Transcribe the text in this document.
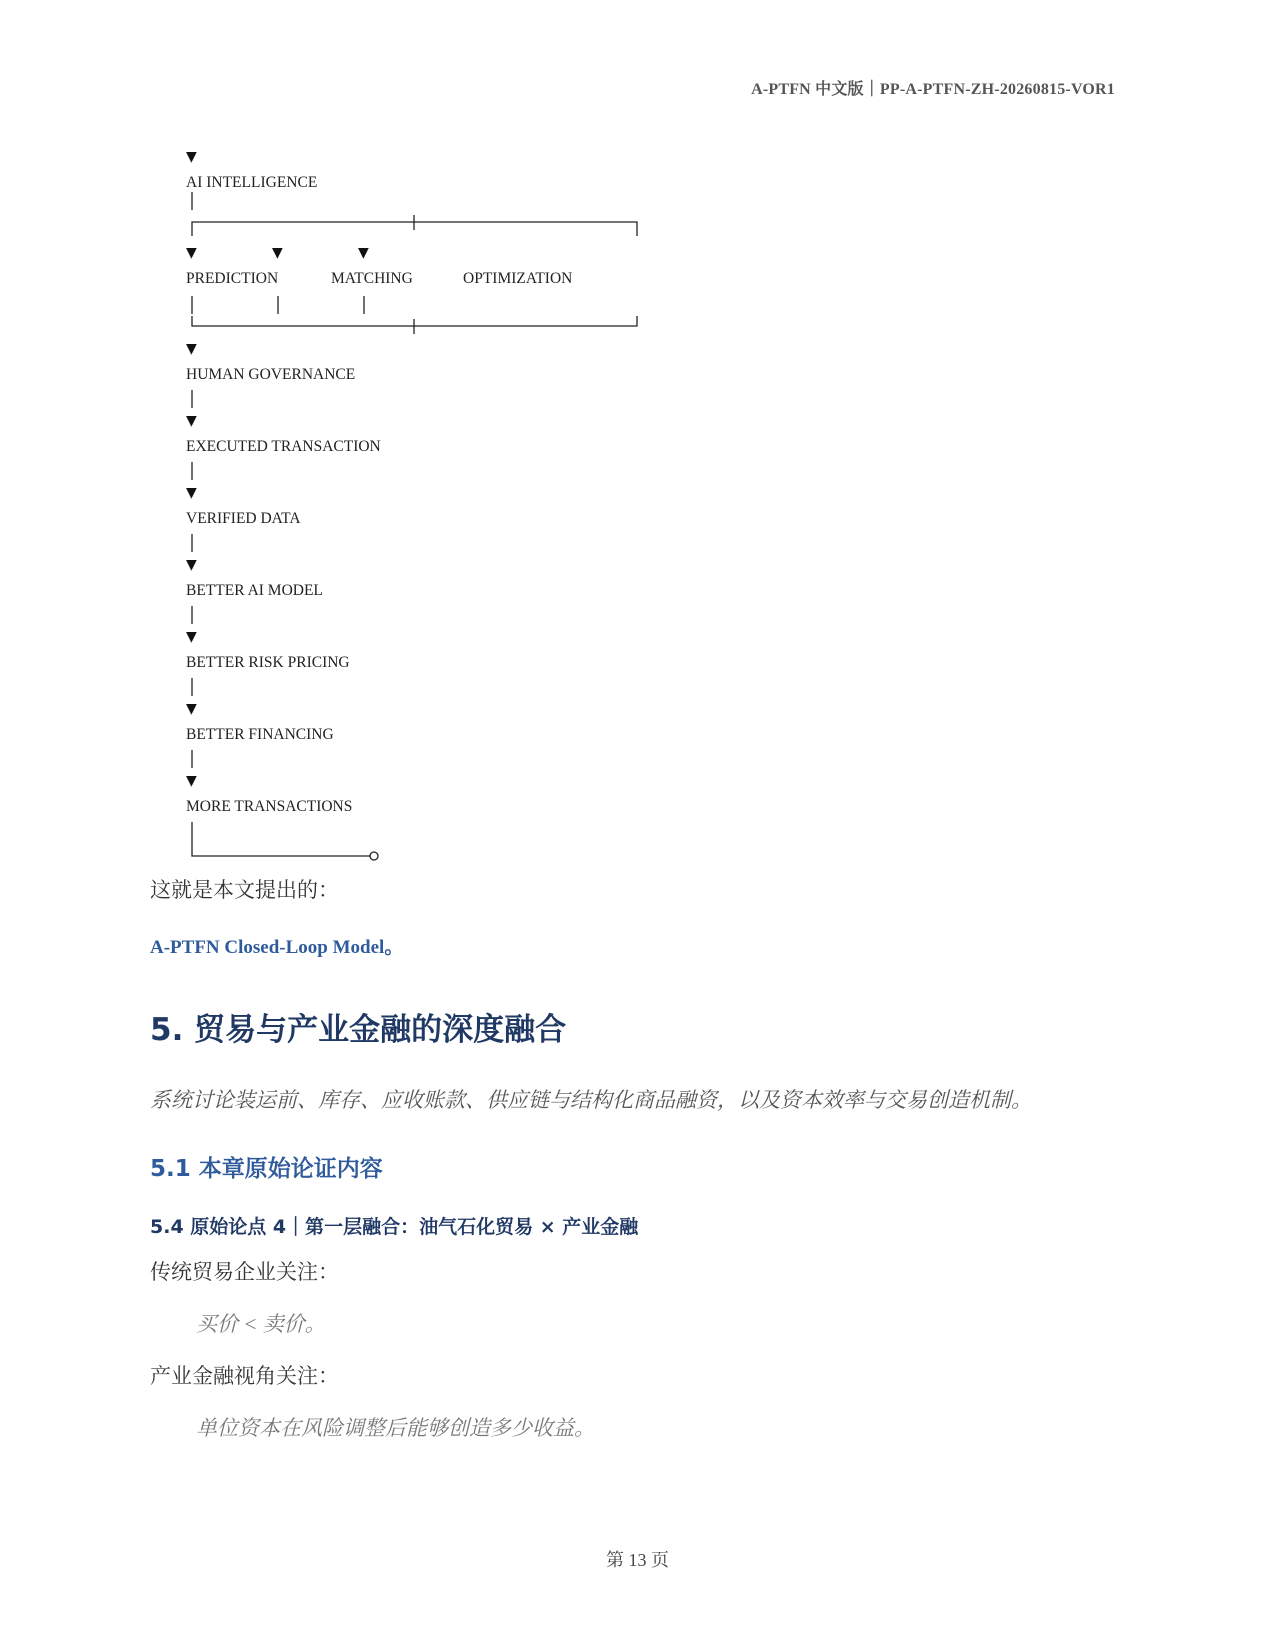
A-PTFN 中文版｜PP-A-PTFN-ZH-20260815-VOR1
▼
AI INTELLIGENCE
▼	▼	▼
PREDICTION	MATCHING	OPTIMIZATION
▼
HUMAN GOVERNANCE
▼
EXECUTED TRANSACTION
▼
VERIFIED DATA
▼
BETTER AI MODEL
▼
BETTER RISK PRICING
▼
BETTER FINANCING
▼
MORE TRANSACTIONS
这就是本文提出的：
A-PTFN Closed-Loop Model。
5. 贸易与产业金融的深度融合
系统讨论装运前、库存、应收账款、供应链与结构化商品融资，以及资本效率与交易创造机制。
5.1 本章原始论证内容
5.4 原始论点 4｜第一层融合：油气石化贸易 × 产业金融
传统贸易企业关注：
买价 < 卖价。
产业金融视角关注：
单位资本在风险调整后能够创造多少收益。
第 13 页
